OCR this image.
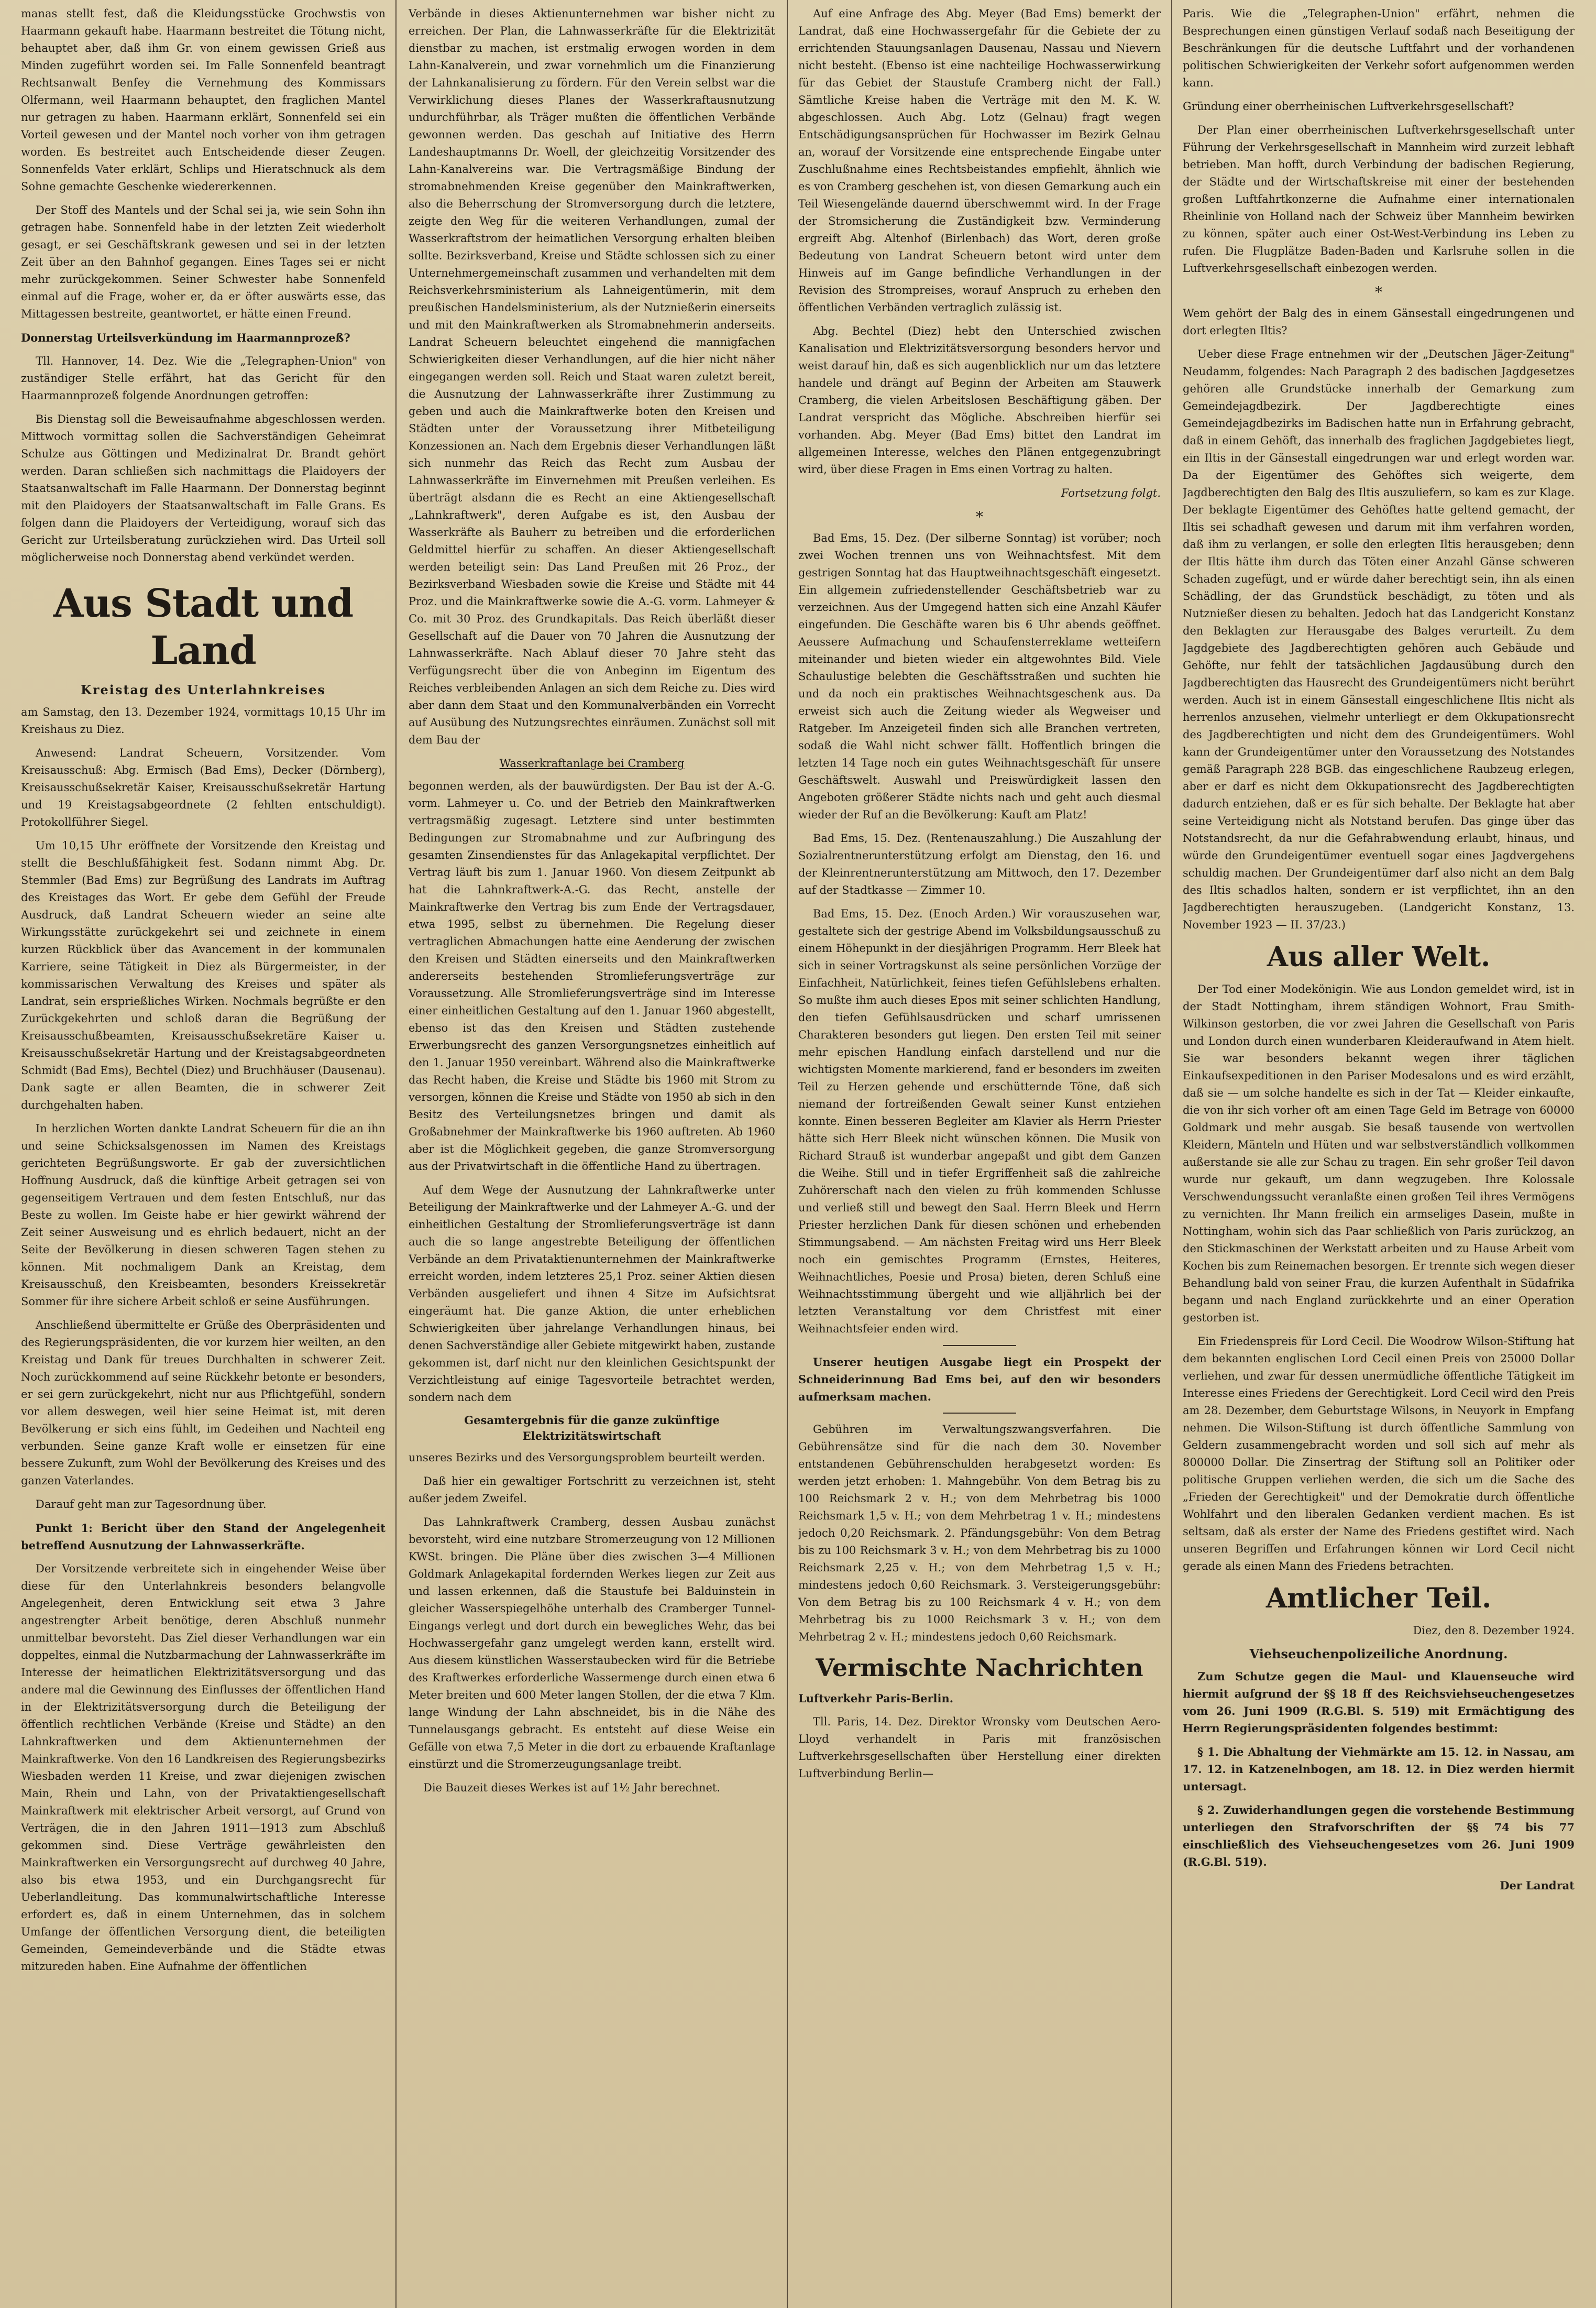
manas stellt fest, daß die Kleidungsstücke Grochwstis von Haarmann gekauft habe. Haarmann bestreitet die Tötung nicht, behauptet aber, daß ihm Gr. von einem gewissen Grieß aus Minden zugeführt worden sei. Im Falle Sonnenfeld beantragt Rechtsanwalt Benfey die Vernehmung des Kommissars Olfermann, weil Haarmann behauptet, den fraglichen Mantel nur getragen zu haben. Haarmann erklärt, Sonnenfeld sei ein Vorteil gewesen und der Mantel noch vorher von ihm getragen worden. Es bestreitet auch Entscheidende dieser Zeugen. Sonnenfelds Vater erklärt, Schlips und Hieratschnuck als dem Sohne gemachte Geschenke wiedererkennen.

Der Stoff des Mantels und der Schal sei ja, wie sein Sohn ihn getragen habe. Sonnenfeld habe in der letzten Zeit wiederholt gesagt, er sei Geschäftskrank gewesen und sei in der letzten Zeit über an den Bahnhof gegangen. Eines Tages sei er nicht mehr zurückgekommen. Seiner Schwester habe Sonnenfeld einmal auf die Frage, woher er, da er öfter auswärts esse, das Mittagessen bestreite, geantwortet, er hätte einen Freund.

Donnerstag Urteilsverkündung im Haarmannprozeß?

Tll. Hannover, 14. Dez. Wie die „Telegraphen-Union" von zuständiger Stelle erfährt, hat das Gericht für den Haarmannprozeß folgende Anordnungen getroffen:

Bis Dienstag soll die Beweisaufnahme abgeschlossen werden. Mittwoch vormittag sollen die Sachverständigen Geheimrat Schulze aus Göttingen und Medizinalrat Dr. Brandt gehört werden. Daran schließen sich nachmittags die Plaidoyers der Staatsanwaltschaft im Falle Haarmann. Der Donnerstag beginnt mit den Plaidoyers der Staatsanwaltschaft im Falle Grans. Es folgen dann die Plaidoyers der Verteidigung, worauf sich das Gericht zur Urteilsberatung zurückziehen wird. Das Urteil soll möglicherweise noch Donnerstag abend verkündet werden.

Aus Stadt und Land
Kreistag des Unterlahnkreises

am Samstag, den 13. Dezember 1924, vormittags 10,15 Uhr im Kreishaus zu Diez.

Anwesend: Landrat Scheuern, Vorsitzender. Vom Kreisausschuß: Abg. Ermisch (Bad Ems), Decker (Dörnberg), Kreisausschußsekretär Kaiser, Kreisausschußsekretär Hartung und 19 Kreistagsabgeordnete (2 fehlten entschuldigt). Protokollführer Siegel.

Um 10,15 Uhr eröffnete der Vorsitzende den Kreistag und stellt die Beschlußfähigkeit fest. Sodann nimmt Abg. Dr. Stemmler (Bad Ems) zur Begrüßung des Landrats im Auftrag des Kreistages das Wort. Er gebe dem Gefühl der Freude Ausdruck, daß Landrat Scheuern wieder an seine alte Wirkungsstätte zurückgekehrt sei und zeichnete in einem kurzen Rückblick über das Avancement in der kommunalen Karriere, seine Tätigkeit in Diez als Bürgermeister, in der kommissarischen Verwaltung des Kreises und später als Landrat, sein ersprießliches Wirken. Nochmals begrüßte er den Zurückgekehrten und schloß daran die Begrüßung der Kreisausschußbeamten, Kreisausschußsekretäre Kaiser u. Kreisausschußsekretär Hartung und der Kreistagsabgeordneten Schmidt (Bad Ems), Bechtel (Diez) und Bruchhäuser (Dausenau). Dank sagte er allen Beamten, die in schwerer Zeit durchgehalten haben.

In herzlichen Worten dankte Landrat Scheuern für die an ihn und seine Schicksalsgenossen im Namen des Kreistags gerichteten Begrüßungsworte. Er gab der zuversichtlichen Hoffnung Ausdruck, daß die künftige Arbeit getragen sei von gegenseitigem Vertrauen und dem festen Entschluß, nur das Beste zu wollen. Im Geiste habe er hier gewirkt während der Zeit seiner Ausweisung und es ehrlich bedauert, nicht an der Seite der Bevölkerung in diesen schweren Tagen stehen zu können. Mit nochmaligem Dank an Kreistag, dem Kreisausschuß, den Kreisbeamten, besonders Kreissekretär Sommer für ihre sichere Arbeit schloß er seine Ausführungen.

Anschließend übermittelte er Grüße des Oberpräsidenten und des Regierungspräsidenten, die vor kurzem hier weilten, an den Kreistag und Dank für treues Durchhalten in schwerer Zeit. Noch zurückkommend auf seine Rückkehr betonte er besonders, er sei gern zurückgekehrt, nicht nur aus Pflichtgefühl, sondern vor allem deswegen, weil hier seine Heimat ist, mit deren Bevölkerung er sich eins fühlt, im Gedeihen und Nachteil eng verbunden. Seine ganze Kraft wolle er einsetzen für eine bessere Zukunft, zum Wohl der Bevölkerung des Kreises und des ganzen Vaterlandes.

Darauf geht man zur Tagesordnung über.

Punkt 1: Bericht über den Stand der Angelegenheit betreffend Ausnutzung der Lahnwasserkräfte.

Der Vorsitzende verbreitete sich in eingehender Weise über diese für den Unterlahnkreis besonders belangvolle Angelegenheit, deren Entwicklung seit etwa 3 Jahre angestrengter Arbeit benötige, deren Abschluß nunmehr unmittelbar bevorsteht. Das Ziel dieser Verhandlungen war ein doppeltes, einmal die Nutzbarmachung der Lahnwasserkräfte im Interesse der heimatlichen Elektrizitätsversorgung und das andere mal die Gewinnung des Einflusses der öffentlichen Hand in der Elektrizitätsversorgung durch die Beteiligung der öffentlich rechtlichen Verbände (Kreise und Städte) an den Lahnkraftwerken und dem Aktienunternehmen der Mainkraftwerke. Von den 16 Landkreisen des Regierungsbezirks Wiesbaden werden 11 Kreise, und zwar diejenigen zwischen Main, Rhein und Lahn, von der Privataktiengesellschaft Mainkraftwerk mit elektrischer Arbeit versorgt, auf Grund von Verträgen, die in den Jahren 1911—1913 zum Abschluß gekommen sind. Diese Verträge gewährleisten den Mainkraftwerken ein Versorgungsrecht auf durchweg 40 Jahre, also bis etwa 1953, und ein Durchgangsrecht für Ueberlandleitung. Das kommunalwirtschaftliche Interesse erfordert es, daß in einem Unternehmen, das in solchem Umfange der öffentlichen Versorgung dient, die beteiligten Gemeinden, Gemeindeverbände und die Städte etwas mitzureden haben. Eine Aufnahme der öffentlichen

Verbände in dieses Aktienunternehmen war bisher nicht zu erreichen. Der Plan, die Lahnwasserkräfte für die Elektrizität dienstbar zu machen, ist erstmalig erwogen worden in dem Lahn-Kanalverein, und zwar vornehmlich um die Finanzierung der Lahnkanalisierung zu fördern. Für den Verein selbst war die Verwirklichung dieses Planes der Wasserkraftausnutzung undurchführbar, als Träger mußten die öffentlichen Verbände gewonnen werden. Das geschah auf Initiative des Herrn Landeshauptmanns Dr. Woell, der gleichzeitig Vorsitzender des Lahn-Kanalvereins war. Die Vertragsmäßige Bindung der stromabnehmenden Kreise gegenüber den Mainkraftwerken, also die Beherrschung der Stromversorgung durch die letztere, zeigte den Weg für die weiteren Verhandlungen, zumal der Wasserkraftstrom der heimatlichen Versorgung erhalten bleiben sollte. Bezirksverband, Kreise und Städte schlossen sich zu einer Unternehmergemeinschaft zusammen und verhandelten mit dem Reichsverkehrsministerium als Lahneigentümerin, mit dem preußischen Handelsministerium, als der Nutznießerin einerseits und mit den Mainkraftwerken als Stromabnehmerin anderseits. Landrat Scheuern beleuchtet eingehend die mannigfachen Schwierigkeiten dieser Verhandlungen, auf die hier nicht näher eingegangen werden soll. Reich und Staat waren zuletzt bereit, die Ausnutzung der Lahnwasserkräfte ihrer Zustimmung zu geben und auch die Mainkraftwerke boten den Kreisen und Städten unter der Voraussetzung ihrer Mitbeteiligung Konzessionen an. Nach dem Ergebnis dieser Verhandlungen läßt sich nunmehr das Reich das Recht zum Ausbau der Lahnwasserkräfte im Einvernehmen mit Preußen verleihen. Es überträgt alsdann die es Recht an eine Aktiengesellschaft „Lahnkraftwerk", deren Aufgabe es ist, den Ausbau der Wasserkräfte als Bauherr zu betreiben und die erforderlichen Geldmittel hierfür zu schaffen. An dieser Aktiengesellschaft werden beteiligt sein: Das Land Preußen mit 26 Proz., der Bezirksverband Wiesbaden sowie die Kreise und Städte mit 44 Proz. und die Mainkraftwerke sowie die A.-G. vorm. Lahmeyer & Co. mit 30 Proz. des Grundkapitals. Das Reich überläßt dieser Gesellschaft auf die Dauer von 70 Jahren die Ausnutzung der Lahnwasserkräfte. Nach Ablauf dieser 70 Jahre steht das Verfügungsrecht über die von Anbeginn im Eigentum des Reiches verbleibenden Anlagen an sich dem Reiche zu. Dies wird aber dann dem Staat und den Kommunalverbänden ein Vorrecht auf Ausübung des Nutzungsrechtes einräumen. Zunächst soll mit dem Bau der

Wasserkraftanlage bei Cramberg

begonnen werden, als der bauwürdigsten. Der Bau ist der A.-G. vorm. Lahmeyer u. Co. und der Betrieb den Mainkraftwerken vertragsmäßig zugesagt. Letztere sind unter bestimmten Bedingungen zur Stromabnahme und zur Aufbringung des gesamten Zinsendienstes für das Anlagekapital verpflichtet. Der Vertrag läuft bis zum 1. Januar 1960. Von diesem Zeitpunkt ab hat die Lahnkraftwerk-A.-G. das Recht, anstelle der Mainkraftwerke den Vertrag bis zum Ende der Vertragsdauer, etwa 1995, selbst zu übernehmen. Die Regelung dieser vertraglichen Abmachungen hatte eine Aenderung der zwischen den Kreisen und Städten einerseits und den Mainkraftwerken andererseits bestehenden Stromlieferungsverträge zur Voraussetzung. Alle Stromlieferungsverträge sind im Interesse einer einheitlichen Gestaltung auf den 1. Januar 1960 abgestellt, ebenso ist das den Kreisen und Städten zustehende Erwerbungsrecht des ganzen Versorgungsnetzes einheitlich auf den 1. Januar 1950 vereinbart. Während also die Mainkraftwerke das Recht haben, die Kreise und Städte bis 1960 mit Strom zu versorgen, können die Kreise und Städte von 1950 ab sich in den Besitz des Verteilungsnetzes bringen und damit als Großabnehmer der Mainkraftwerke bis 1960 auftreten. Ab 1960 aber ist die Möglichkeit gegeben, die ganze Stromversorgung aus der Privatwirtschaft in die öffentliche Hand zu übertragen.

Auf dem Wege der Ausnutzung der Lahnkraftwerke unter Beteiligung der Mainkraftwerke und der Lahmeyer A.-G. und der einheitlichen Gestaltung der Stromlieferungsverträge ist dann auch die so lange angestrebte Beteiligung der öffentlichen Verbände an dem Privataktienunternehmen der Mainkraftwerke erreicht worden, indem letzteres 25,1 Proz. seiner Aktien diesen Verbänden ausgeliefert und ihnen 4 Sitze im Aufsichtsrat eingeräumt hat. Die ganze Aktion, die unter erheblichen Schwierigkeiten über jahrelange Verhandlungen hinaus, bei denen Sachverständige aller Gebiete mitgewirkt haben, zustande gekommen ist, darf nicht nur den kleinlichen Gesichtspunkt der Verzichtleistung auf einige Tagesvorteile betrachtet werden, sondern nach dem

Gesamtergebnis für die ganze zukünftige Elektrizitätswirtschaft

unseres Bezirks und des Versorgungsproblem beurteilt werden.

Daß hier ein gewaltiger Fortschritt zu verzeichnen ist, steht außer jedem Zweifel.

Das Lahnkraftwerk Cramberg, dessen Ausbau zunächst bevorsteht, wird eine nutzbare Stromerzeugung von 12 Millionen KWSt. bringen. Die Pläne über dies zwischen 3—4 Millionen Goldmark Anlagekapital fordernden Werkes liegen zur Zeit aus und lassen erkennen, daß die Staustufe bei Balduinstein in gleicher Wasserspiegelhöhe unterhalb des Cramberger Tunnel-Eingangs verlegt und dort durch ein bewegliches Wehr, das bei Hochwassergefahr ganz umgelegt werden kann, erstellt wird. Aus diesem künstlichen Wasserstaubecken wird für die Betriebe des Kraftwerkes erforderliche Wassermenge durch einen etwa 6 Meter breiten und 600 Meter langen Stollen, der die etwa 7 Klm. lange Windung der Lahn abschneidet, bis in die Nähe des Tunnelausgangs gebracht. Es entsteht auf diese Weise ein Gefälle von etwa 7,5 Meter in die dort zu erbauende Kraftanlage einstürzt und die Stromerzeugungsanlage treibt.

Die Bauzeit dieses Werkes ist auf 1½ Jahr berechnet.

Auf eine Anfrage des Abg. Meyer (Bad Ems) bemerkt der Landrat, daß eine Hochwassergefahr für die Gebiete der zu errichtenden Stauungsanlagen Dausenau, Nassau und Nievern nicht besteht. (Ebenso ist eine nachteilige Hochwasserwirkung für das Gebiet der Staustufe Cramberg nicht der Fall.) Sämtliche Kreise haben die Verträge mit den M. K. W. abgeschlossen. Auch Abg. Lotz (Gelnau) fragt wegen Entschädigungsansprüchen für Hochwasser im Bezirk Gelnau an, worauf der Vorsitzende eine entsprechende Eingabe unter Zuschlußnahme eines Rechtsbeistandes empfiehlt, ähnlich wie es von Cramberg geschehen ist, von diesen Gemarkung auch ein Teil Wiesengelände dauernd überschwemmt wird. In der Frage der Stromsicherung die Zuständigkeit bzw. Verminderung ergreift Abg. Altenhof (Birlenbach) das Wort, deren große Bedeutung von Landrat Scheuern betont wird unter dem Hinweis auf im Gange befindliche Verhandlungen in der Revision des Strompreises, worauf Anspruch zu erheben den öffentlichen Verbänden vertraglich zulässig ist.

Abg. Bechtel (Diez) hebt den Unterschied zwischen Kanalisation und Elektrizitätsversorgung besonders hervor und weist darauf hin, daß es sich augenblicklich nur um das letztere handele und drängt auf Beginn der Arbeiten am Stauwerk Cramberg, die vielen Arbeitslosen Beschäftigung gäben. Der Landrat verspricht das Mögliche. Abschreiben hierfür sei vorhanden. Abg. Meyer (Bad Ems) bittet den Landrat im allgemeinen Interesse, welches den Plänen entgegenzubringt wird, über diese Fragen in Ems einen Vortrag zu halten.

Fortsetzung folgt.

*

Bad Ems, 15. Dez. (Der silberne Sonntag) ist vorüber; noch zwei Wochen trennen uns von Weihnachtsfest. Mit dem gestrigen Sonntag hat das Hauptweihnachtsgeschäft eingesetzt. Ein allgemein zufriedenstellender Geschäftsbetrieb war zu verzeichnen. Aus der Umgegend hatten sich eine Anzahl Käufer eingefunden. Die Geschäfte waren bis 6 Uhr abends geöffnet. Aeussere Aufmachung und Schaufensterreklame wetteifern miteinander und bieten wieder ein altgewohntes Bild. Viele Schaulustige belebten die Geschäftsstraßen und suchten hie und da noch ein praktisches Weihnachtsgeschenk aus. Da erweist sich auch die Zeitung wieder als Wegweiser und Ratgeber. Im Anzeigeteil finden sich alle Branchen vertreten, sodaß die Wahl nicht schwer fällt. Hoffentlich bringen die letzten 14 Tage noch ein gutes Weihnachtsgeschäft für unsere Geschäftswelt. Auswahl und Preiswürdigkeit lassen den Angeboten größerer Städte nichts nach und geht auch diesmal wieder der Ruf an die Bevölkerung: Kauft am Platz!

Bad Ems, 15. Dez. (Rentenauszahlung.) Die Auszahlung der Sozialrentnerunterstützung erfolgt am Dienstag, den 16. und der Kleinrentnerunterstützung am Mittwoch, den 17. Dezember auf der Stadtkasse — Zimmer 10.

Bad Ems, 15. Dez. (Enoch Arden.) Wir vorauszusehen war, gestaltete sich der gestrige Abend im Volksbildungsausschuß zu einem Höhepunkt in der diesjährigen Programm. Herr Bleek hat sich in seiner Vortragskunst als seine persönlichen Vorzüge der Einfachheit, Natürlichkeit, feines tiefen Gefühlslebens erhalten. So mußte ihm auch dieses Epos mit seiner schlichten Handlung, den tiefen Gefühlsausdrücken und scharf umrissenen Charakteren besonders gut liegen. Den ersten Teil mit seiner mehr epischen Handlung einfach darstellend und nur die wichtigsten Momente markierend, fand er besonders im zweiten Teil zu Herzen gehende und erschütternde Töne, daß sich niemand der fortreißenden Gewalt seiner Kunst entziehen konnte. Einen besseren Begleiter am Klavier als Herrn Priester hätte sich Herr Bleek nicht wünschen können. Die Musik von Richard Strauß ist wunderbar angepaßt und gibt dem Ganzen die Weihe. Still und in tiefer Ergriffenheit saß die zahlreiche Zuhörerschaft nach den vielen zu früh kommenden Schlusse und verließ still und bewegt den Saal. Herrn Bleek und Herrn Priester herzlichen Dank für diesen schönen und erhebenden Stimmungsabend. — Am nächsten Freitag wird uns Herr Bleek noch ein gemischtes Programm (Ernstes, Heiteres, Weihnachtliches, Poesie und Prosa) bieten, deren Schluß eine Weihnachtsstimmung übergeht und wie alljährlich bei der letzten Veranstaltung vor dem Christfest mit einer Weihnachtsfeier enden wird.

Unserer heutigen Ausgabe liegt ein Prospekt der Schneiderinnung Bad Ems bei, auf den wir besonders aufmerksam machen.

Gebühren im Verwaltungszwangsverfahren. Die Gebührensätze sind für die nach dem 30. November entstandenen Gebührenschulden herabgesetzt worden: Es werden jetzt erhoben: 1. Mahngebühr. Von dem Betrag bis zu 100 Reichsmark 2 v. H.; von dem Mehrbetrag bis 1000 Reichsmark 1,5 v. H.; von dem Mehrbetrag 1 v. H.; mindestens jedoch 0,20 Reichsmark. 2. Pfändungsgebühr: Von dem Betrag bis zu 100 Reichsmark 3 v. H.; von dem Mehrbetrag bis zu 1000 Reichsmark 2,25 v. H.; von dem Mehrbetrag 1,5 v. H.; mindestens jedoch 0,60 Reichsmark. 3. Versteigerungsgebühr: Von dem Betrag bis zu 100 Reichsmark 4 v. H.; von dem Mehrbetrag bis zu 1000 Reichsmark 3 v. H.; von dem Mehrbetrag 2 v. H.; mindestens jedoch 0,60 Reichsmark.

Vermischte Nachrichten

Luftverkehr Paris-Berlin.

Tll. Paris, 14. Dez. Direktor Wronsky vom Deutschen Aero-Lloyd verhandelt in Paris mit französischen Luftverkehrsgesellschaften über Herstellung einer direkten Luftverbindung Berlin—

Paris. Wie die „Telegraphen-Union" erfährt, nehmen die Besprechungen einen günstigen Verlauf sodaß nach Beseitigung der Beschränkungen für die deutsche Luftfahrt und der vorhandenen politischen Schwierigkeiten der Verkehr sofort aufgenommen werden kann.

Gründung einer oberrheinischen Luftverkehrsgesellschaft?

Der Plan einer oberrheinischen Luftverkehrsgesellschaft unter Führung der Verkehrsgesellschaft in Mannheim wird zurzeit lebhaft betrieben. Man hofft, durch Verbindung der badischen Regierung, der Städte und der Wirtschaftskreise mit einer der bestehenden großen Luftfahrtkonzerne die Aufnahme einer internationalen Rheinlinie von Holland nach der Schweiz über Mannheim bewirken zu können, später auch einer Ost-West-Verbindung ins Leben zu rufen. Die Flugplätze Baden-Baden und Karlsruhe sollen in die Luftverkehrsgesellschaft einbezogen werden.

*

Wem gehört der Balg des in einem Gänsestall eingedrungenen und dort erlegten Iltis?

Ueber diese Frage entnehmen wir der „Deutschen Jäger-Zeitung" Neudamm, folgendes: Nach Paragraph 2 des badischen Jagdgesetzes gehören alle Grundstücke innerhalb der Gemarkung zum Gemeindejagdbezirk. Der Jagdberechtigte eines Gemeindejagdbezirks im Badischen hatte nun in Erfahrung gebracht, daß in einem Gehöft, das innerhalb des fraglichen Jagdgebietes liegt, ein Iltis in der Gänsestall eingedrungen war und erlegt worden war. Da der Eigentümer des Gehöftes sich weigerte, dem Jagdberechtigten den Balg des Iltis auszuliefern, so kam es zur Klage. Der beklagte Eigentümer des Gehöftes hatte geltend gemacht, der Iltis sei schadhaft gewesen und darum mit ihm verfahren worden, daß ihm zu verlangen, er solle den erlegten Iltis herausgeben; denn der Iltis hätte ihm durch das Töten einer Anzahl Gänse schweren Schaden zugefügt, und er würde daher berechtigt sein, ihn als einen Schädling, der das Grundstück beschädigt, zu töten und als Nutznießer diesen zu behalten. Jedoch hat das Landgericht Konstanz den Beklagten zur Herausgabe des Balges verurteilt. Zu dem Jagdgebiete des Jagdberechtigten gehören auch Gebäude und Gehöfte, nur fehlt der tatsächlichen Jagdausübung durch den Jagdberechtigten das Hausrecht des Grundeigentümers nicht berührt werden. Auch ist in einem Gänsestall eingeschlichene Iltis nicht als herrenlos anzusehen, vielmehr unterliegt er dem Okkupationsrecht des Jagdberechtigten und nicht dem des Grundeigentümers. Wohl kann der Grundeigentümer unter den Voraussetzung des Notstandes gemäß Paragraph 228 BGB. das eingeschlichene Raubzeug erlegen, aber er darf es nicht dem Okkupationsrecht des Jagdberechtigten dadurch entziehen, daß er es für sich behalte. Der Beklagte hat aber seine Verteidigung nicht als Notstand berufen. Das ginge über das Notstandsrecht, da nur die Gefahrabwendung erlaubt, hinaus, und würde den Grundeigentümer eventuell sogar eines Jagdvergehens schuldig machen. Der Grundeigentümer darf also nicht an dem Balg des Iltis schadlos halten, sondern er ist verpflichtet, ihn an den Jagdberechtigten herauszugeben. (Landgericht Konstanz, 13. November 1923 — II. 37/23.)

Aus aller Welt.

Der Tod einer Modekönigin. Wie aus London gemeldet wird, ist in der Stadt Nottingham, ihrem ständigen Wohnort, Frau Smith-Wilkinson gestorben, die vor zwei Jahren die Gesellschaft von Paris und London durch einen wunderbaren Kleideraufwand in Atem hielt. Sie war besonders bekannt wegen ihrer täglichen Einkaufsexpeditionen in den Pariser Modesalons und es wird erzählt, daß sie — um solche handelte es sich in der Tat — Kleider einkaufte, die von ihr sich vorher oft am einen Tage Geld im Betrage von 60000 Goldmark und mehr ausgab. Sie besaß tausende von wertvollen Kleidern, Mänteln und Hüten und war selbstverständlich vollkommen außerstande sie alle zur Schau zu tragen. Ein sehr großer Teil davon wurde nur gekauft, um dann wegzugeben. Ihre Kolossale Verschwendungssucht veranlaßte einen großen Teil ihres Vermögens zu vernichten. Ihr Mann freilich ein armseliges Dasein, mußte in Nottingham, wohin sich das Paar schließlich von Paris zurückzog, an den Stickmaschinen der Werkstatt arbeiten und zu Hause Arbeit vom Kochen bis zum Reinemachen besorgen. Er trennte sich wegen dieser Behandlung bald von seiner Frau, die kurzen Aufenthalt in Südafrika begann und nach England zurückkehrte und an einer Operation gestorben ist.

Ein Friedenspreis für Lord Cecil. Die Woodrow Wilson-Stiftung hat dem bekannten englischen Lord Cecil einen Preis von 25000 Dollar verliehen, und zwar für dessen unermüdliche öffentliche Tätigkeit im Interesse eines Friedens der Gerechtigkeit. Lord Cecil wird den Preis am 28. Dezember, dem Geburtstage Wilsons, in Neuyork in Empfang nehmen. Die Wilson-Stiftung ist durch öffentliche Sammlung von Geldern zusammengebracht worden und soll sich auf mehr als 800000 Dollar. Die Zinsertrag der Stiftung soll an Politiker oder politische Gruppen verliehen werden, die sich um die Sache des „Frieden der Gerechtigkeit" und der Demokratie durch öffentliche Wohlfahrt und den liberalen Gedanken verdient machen. Es ist seltsam, daß als erster der Name des Friedens gestiftet wird. Nach unseren Begriffen und Erfahrungen können wir Lord Cecil nicht gerade als einen Mann des Friedens betrachten.

Amtlicher Teil.

Diez, den 8. Dezember 1924.

Viehseuchenpolizeiliche Anordnung.

Zum Schutze gegen die Maul- und Klauenseuche wird hiermit aufgrund der §§ 18 ff des Reichsviehseuchengesetzes vom 26. Juni 1909 (R.G.Bl. S. 519) mit Ermächtigung des Herrn Regierungspräsidenten folgendes bestimmt:

§ 1. Die Abhaltung der Viehmärkte am 15. 12. in Nassau, am 17. 12. in Katzenelnbogen, am 18. 12. in Diez werden hiermit untersagt.

§ 2. Zuwiderhandlungen gegen die vorstehende Bestimmung unterliegen den Strafvorschriften der §§ 74 bis 77 einschließlich des Viehseuchengesetzes vom 26. Juni 1909 (R.G.Bl. 519).

Der Landrat
